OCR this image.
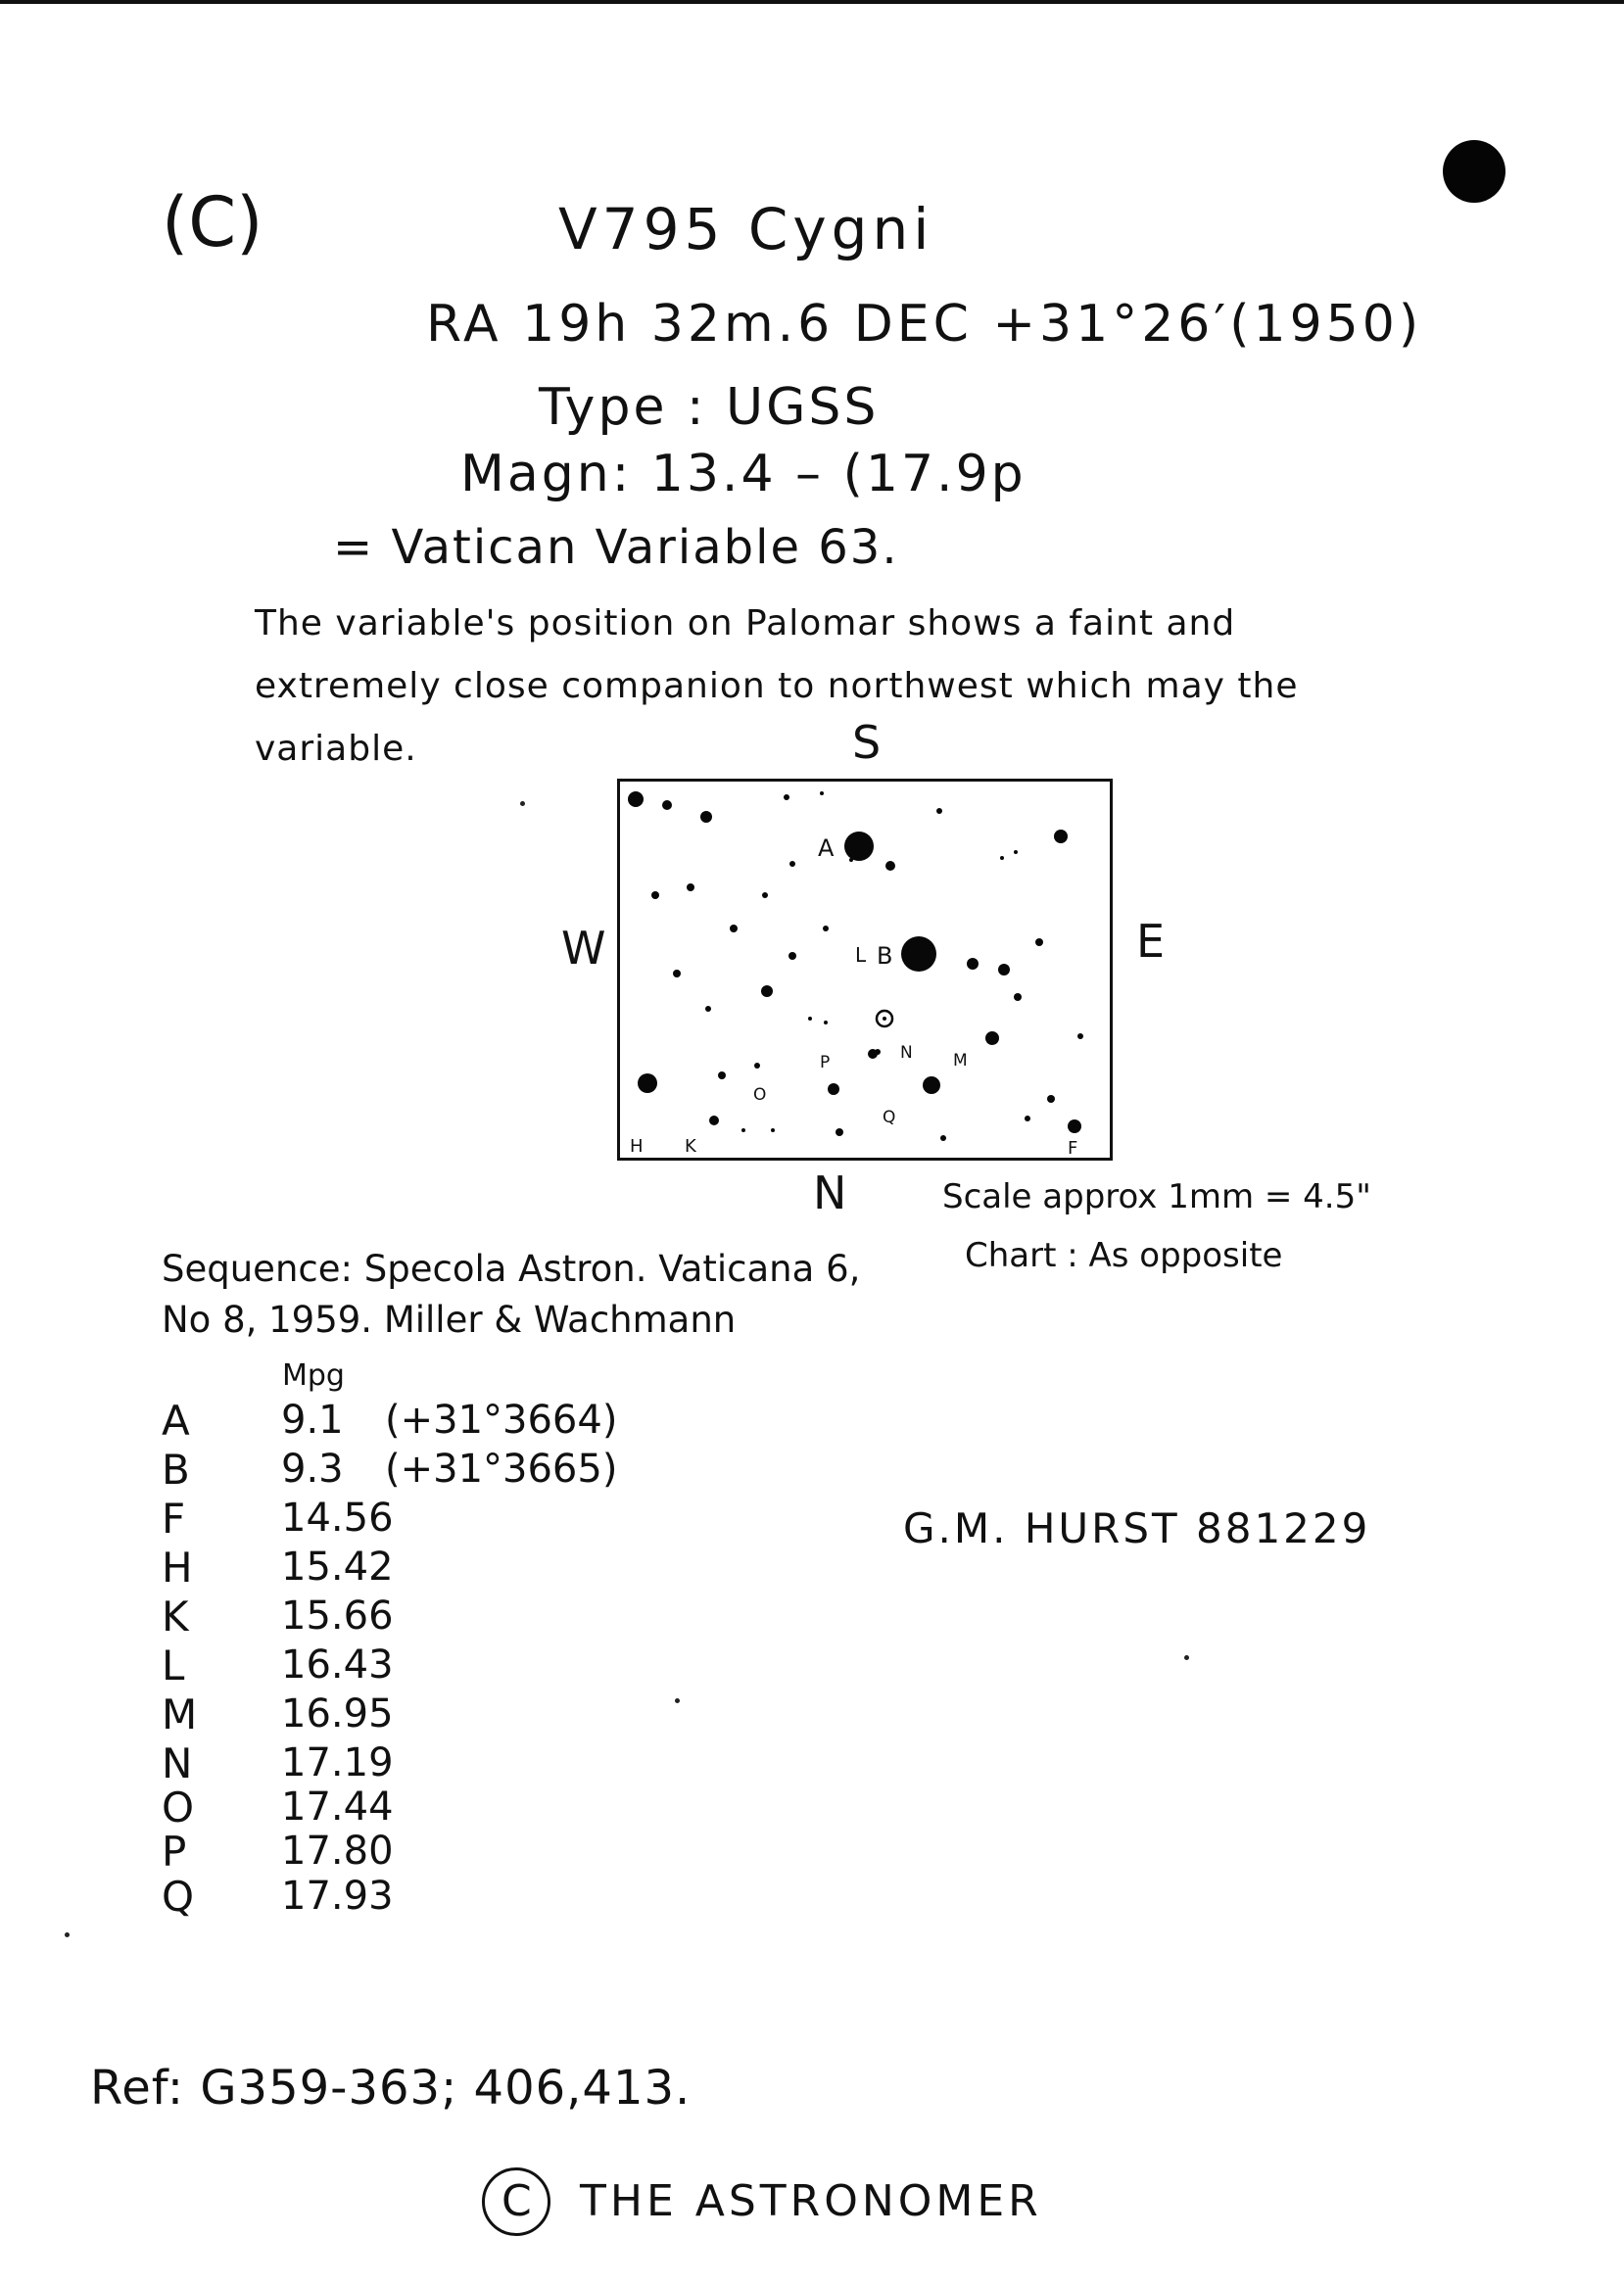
(C)	V795 Cygni
RA 19h 32m.6 DEC +31°26′(1950)
Type : UGSS
Magn: 13.4 – (17.9p
= Vatican Variable 63.
The variable's position on Palomar shows a faint and extremely close companion to northwest which may the variable.	S
W	E
N
A
B
L
N M
P
O
Q
H K	F
Scale approx 1mm = 4.5"
Chart : As opposite
Sequence: Specola Astron. Vaticana 6,
No 8, 1959. Miller & Wachmann
Mpg
A 9.1 (+31°3664)
B 9.3 (+31°3665)
F 14.56
H 15.42
K 15.66
L 16.43
M 16.95
N 17.19
O 17.44
P 17.80
Q 17.93
G.M. HURST 881229
Ref: G359-363; 406,413.
C THE ASTRONOMER
